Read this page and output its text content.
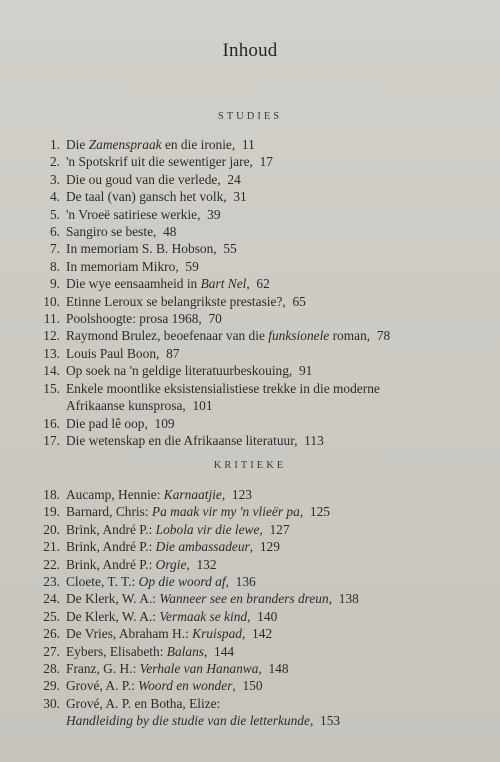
Inhoud
STUDIES
1. Die Zamenspraak en die ironie,  11
2. 'n Spotskrif uit die sewentiger jare,  17
3. Die ou goud van die verlede,  24
4. De taal (van) gansch het volk,  31
5. 'n Vroeë satiriese werkie,  39
6. Sangiro se beste,  48
7. In memoriam S. B. Hobson,  55
8. In memoriam Mikro,  59
9. Die wye eensaamheid in Bart Nel,  62
10. Etinne Leroux se belangrikste prestasie?,  65
11. Poolshoogte: prosa 1968,  70
12. Raymond Brulez, beoefenaar van die funksionele roman,  78
13. Louis Paul Boon,  87
14. Op soek na 'n geldige literatuurbeskouing,  91
15. Enkele moontlike eksistensialistiese trekke in die moderne
Afrikaanse kunsprosa,  101
16. Die pad lê oop,  109
17. Die wetenskap en die Afrikaanse literatuur,  113
KRITIEKE
18. Aucamp, Hennie: Karnaatjie,  123
19. Barnard, Chris: Pa maak vir my 'n vlieër pa,  125
20. Brink, André P.: Lobola vir die lewe,  127
21. Brink, André P.: Die ambassadeur,  129
22. Brink, André P.: Orgie,  132
23. Cloete, T. T.: Op die woord af,  136
24. De Klerk, W. A.: Wanneer see en branders dreun,  138
25. De Klerk, W. A.: Vermaak se kind,  140
26. De Vries, Abraham H.: Kruispad,  142
27. Eybers, Elisabeth: Balans,  144
28. Franz, G. H.: Verhale van Hananwa,  148
29. Grové, A. P.: Woord en wonder,  150
30. Grové, A. P. en Botha, Elize:
Handleiding by die studie van die letterkunde,  153
